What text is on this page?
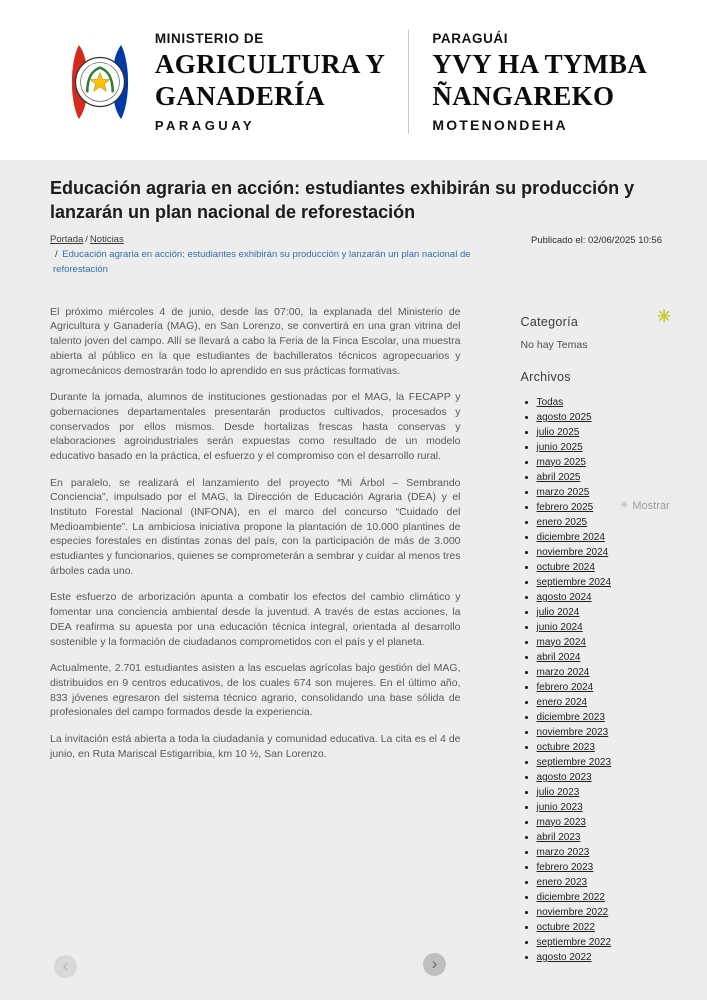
MINISTERIO DE
AGRICULTURA Y
GANADERÍA
PARAGUAY
PARAGUÁI
YVY HA TYMBA
ÑANGAREKO
MOTENONDEHA
Educación agraria en acción: estudiantes exhibirán su producción y lanzarán un plan nacional de reforestación
Portada / Noticias
/ Educación agraria en acción: estudiantes exhibirán su producción y lanzarán un plan nacional de reforestación
Publicado el: 02/06/2025 10:56

El próximo miércoles 4 de junio, desde las 07:00, la explanada del Ministerio de Agricultura y Ganadería (MAG), en San Lorenzo, se convertirá en una gran vitrina del talento joven del campo. Allí se llevará a cabo la Feria de la Finca Escolar, una muestra abierta al público en la que estudiantes de bachilleratos técnicos agropecuarios y agromecánicos demostrarán todo lo aprendido en sus prácticas formativas.

Durante la jornada, alumnos de instituciones gestionadas por el MAG, la FECAPP y gobernaciones departamentales presentarán productos cultivados, procesados y conservados por ellos mismos. Desde hortalizas frescas hasta conservas y elaboraciones agroindustriales serán expuestas como resultado de un modelo educativo basado en la práctica, el esfuerzo y el compromiso con el desarrollo rural.

En paralelo, se realizará el lanzamiento del proyecto “Mi Árbol – Sembrando Conciencia”, impulsado por el MAG, la Dirección de Educación Agraria (DEA) y el Instituto Forestal Nacional (INFONA), en el marco del concurso “Cuidado del Medioambiente”. La ambiciosa iniciativa propone la plantación de 10.000 plantines de especies forestales en distintas zonas del país, con la participación de más de 3.000 estudiantes y funcionarios, quienes se comprometerán a sembrar y cuidar al menos tres árboles cada uno.

Este esfuerzo de arborización apunta a combatir los efectos del cambio climático y fomentar una conciencia ambiental desde la juventud. A través de estas acciones, la DEA reafirma su apuesta por una educación técnica integral, orientada al desarrollo sostenible y la formación de ciudadanos comprometidos con el país y el planeta.

Actualmente, 2.701 estudiantes asisten a las escuelas agrícolas bajo gestión del MAG, distribuidos en 9 centros educativos, de los cuales 674 son mujeres. En el último año, 833 jóvenes egresaron del sistema técnico agrario, consolidando una base sólida de profesionales del campo formados desde la experiencia.

La invitación está abierta a toda la ciudadanía y comunidad educativa. La cita es el 4 de junio, en Ruta Mariscal Estigarribia, km 10 ½, San Lorenzo.

Categoría

No hay Temas

Archivos
• Todas
• agosto 2025
• julio 2025
• junio 2025
• mayo 2025
• abril 2025
• marzo 2025
• febrero 2025
• enero 2025
• diciembre 2024
• noviembre 2024
• octubre 2024
• septiembre 2024
• agosto 2024
• julio 2024
• junio 2024
• mayo 2024
• abril 2024
• marzo 2024
• febrero 2024
• enero 2024
• diciembre 2023
• noviembre 2023
• octubre 2023
• septiembre 2023
• agosto 2023
• julio 2023
• junio 2023
• mayo 2023
• abril 2023
• marzo 2023
• febrero 2023
• enero 2023
• diciembre 2022
• noviembre 2022
• octubre 2022
• septiembre 2022
• agosto 2022
✳
✳ Mostrar
‹	›
